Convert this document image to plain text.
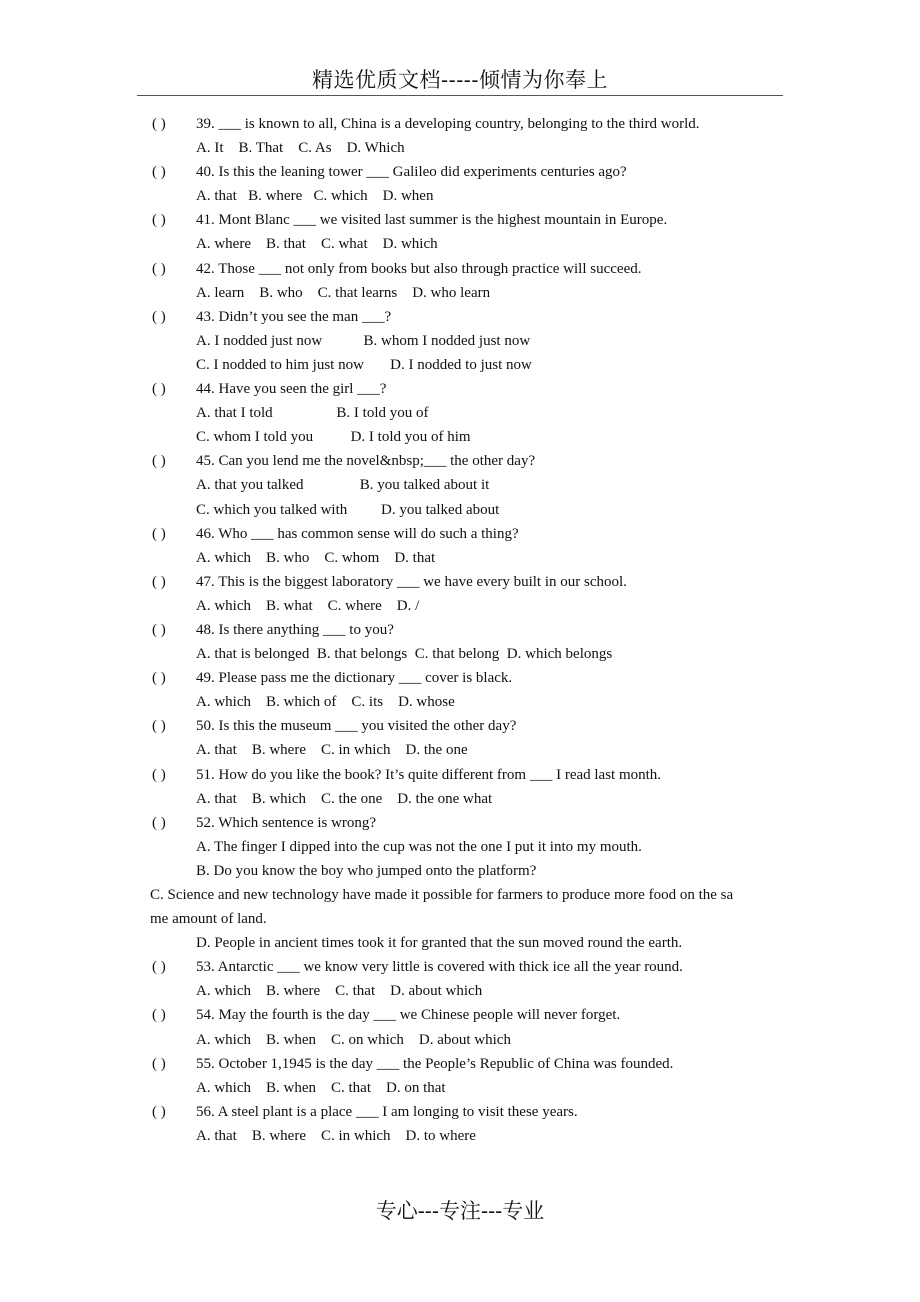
精选优质文档-----倾情为你奉上
( ) 39. ___ is known to all, China is a developing country, belonging to the third world.
A. It    B. That    C. As    D. Which
( ) 40. Is this the leaning tower ___ Galileo did experiments centuries ago?
A. that   B. where   C. which    D. when
( ) 41. Mont Blanc ___ we visited last summer is the highest mountain in Europe.
A. where    B. that    C. what    D. which
( ) 42. Those ___ not only from books but also through practice will succeed.
A. learn    B. who    C. that learns    D. who learn
( ) 43. Didn’t you see the man ___?
A. I nodded just now           B. whom I nodded just now
C. I nodded to him just now       D. I nodded to just now
( ) 44. Have you seen the girl ___?
A. that I told                 B. I told you of
C. whom I told you          D. I told you of him
( ) 45. Can you lend me the novel&nbsp;___ the other day?
A. that you talked               B. you talked about it
C. which you talked with         D. you talked about
( ) 46. Who ___ has common sense will do such a thing?
A. which    B. who    C. whom    D. that
( ) 47. This is the biggest laboratory ___ we have every built in our school.
A. which    B. what    C. where    D. /
( ) 48. Is there anything ___ to you?
A. that is belonged  B. that belongs  C. that belong  D. which belongs
( ) 49. Please pass me the dictionary ___ cover is black.
A. which    B. which of    C. its    D. whose
( ) 50. Is this the museum ___ you visited the other day?
A. that    B. where    C. in which    D. the one
( ) 51. How do you like the book? It’s quite different from ___ I read last month.
A. that    B. which    C. the one    D. the one what
( ) 52. Which sentence is wrong?
A. The finger I dipped into the cup was not the one I put it into my mouth.
B. Do you know the boy who jumped onto the platform?
C. Science and new technology have made it possible for farmers to produce more food on the sa
me amount of land.
D. People in ancient times took it for granted that the sun moved round the earth.
( ) 53. Antarctic ___ we know very little is covered with thick ice all the year round.
A. which    B. where    C. that    D. about which
( ) 54. May the fourth is the day ___ we Chinese people will never forget.
A. which    B. when    C. on which    D. about which
( ) 55. October 1,1945 is the day ___ the People’s Republic of China was founded.
A. which    B. when    C. that    D. on that
( ) 56. A steel plant is a place ___ I am longing to visit these years.
A. that    B. where    C. in which    D. to where
专心---专注---专业
